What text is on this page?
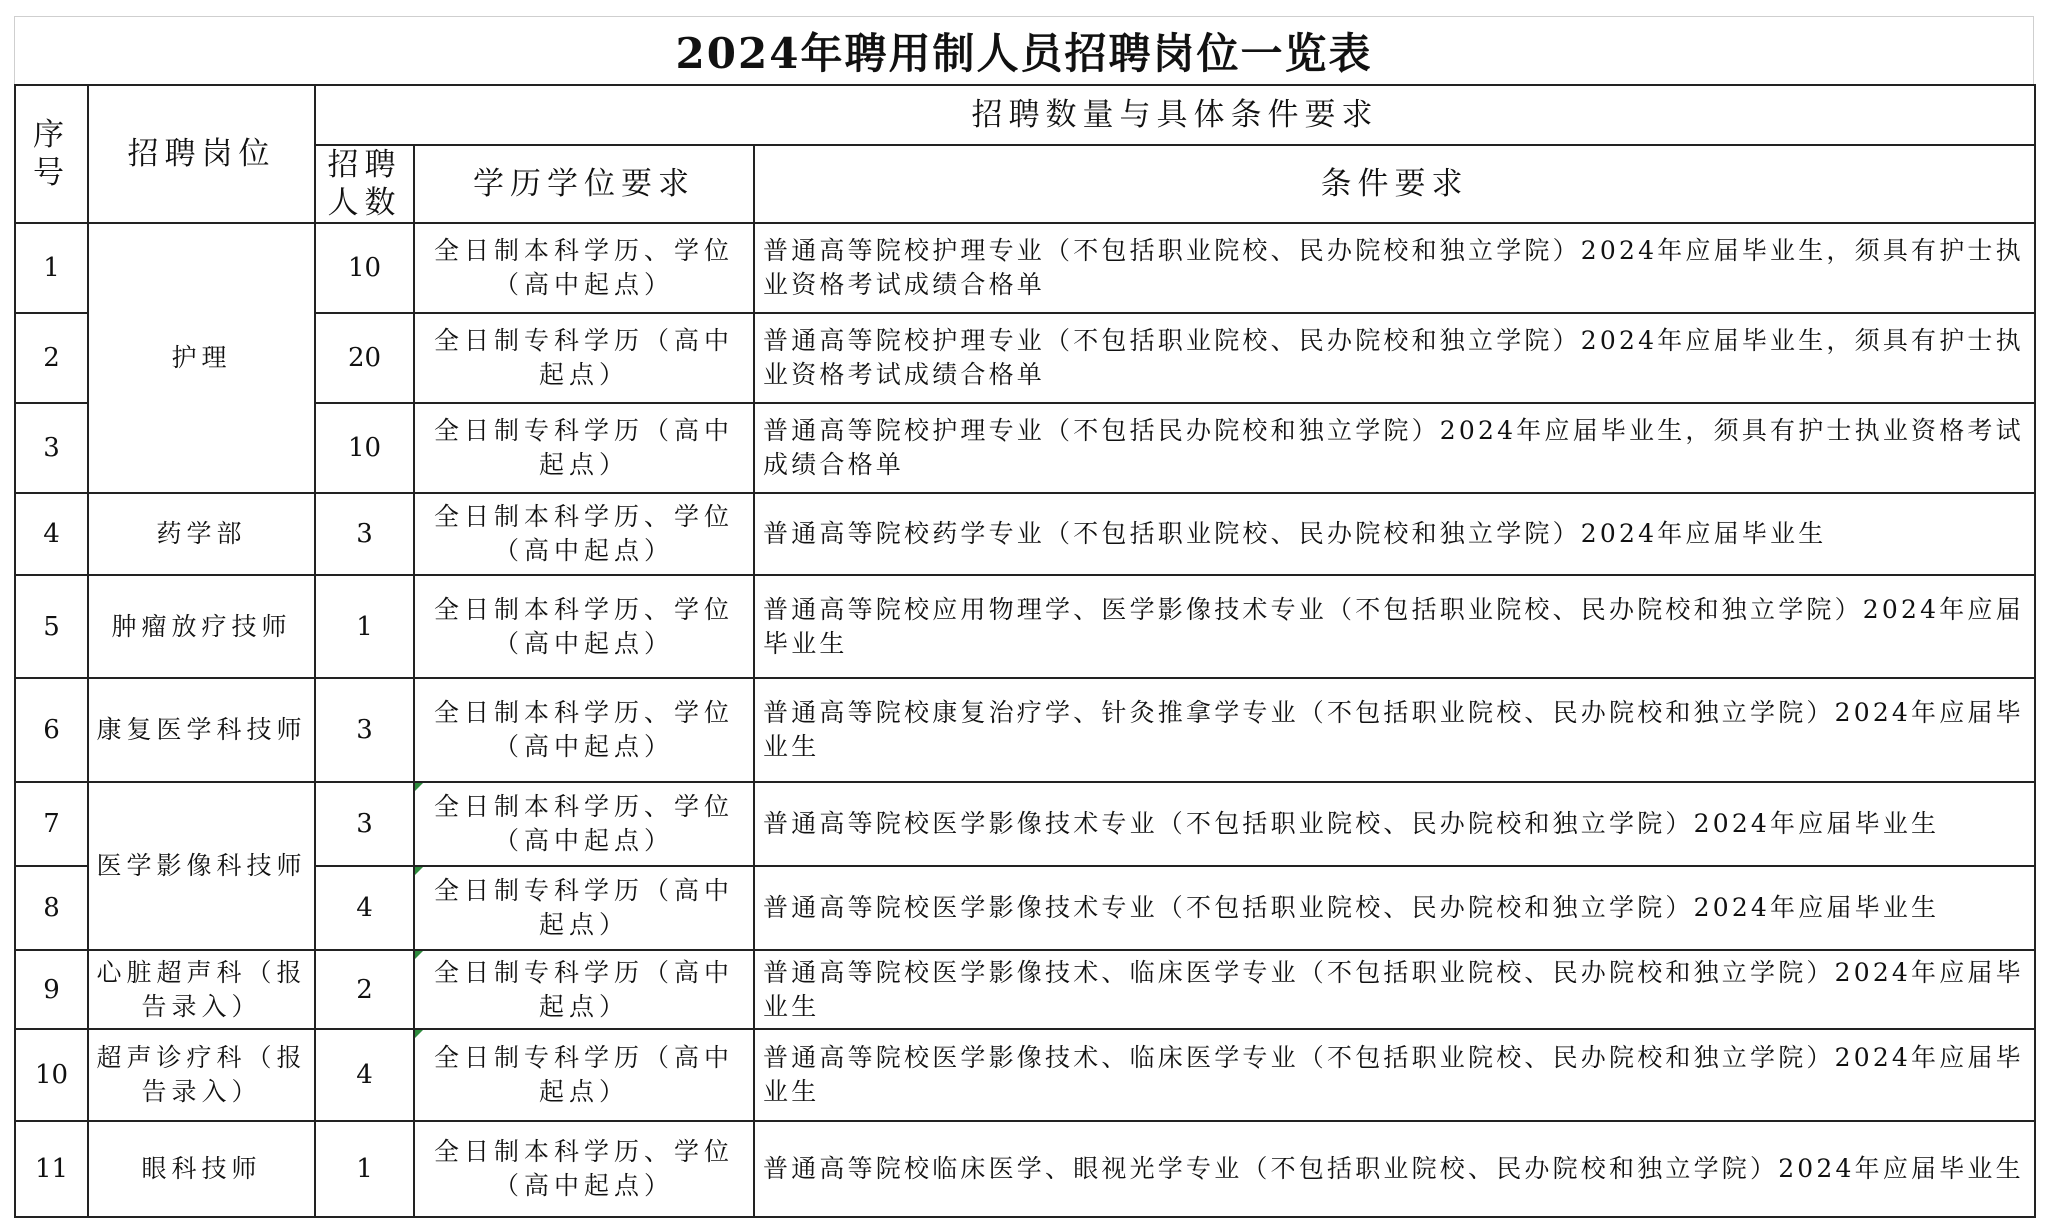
2024年聘用制人员招聘岗位一览表
序号	招聘岗位	招聘数量与具体条件要求		
		招聘人数	学历学位要求	条件要求
1	护理	10	全日制本科学历、学位（高中起点）	普通高等院校护理专业（不包括职业院校、民办院校和独立学院）2024年应届毕业生，须具有护士执业资格考试成绩合格单
2		20	全日制专科学历（高中起点）	普通高等院校护理专业（不包括职业院校、民办院校和独立学院）2024年应届毕业生，须具有护士执业资格考试成绩合格单
3		10	全日制专科学历（高中起点）	普通高等院校护理专业（不包括民办院校和独立学院）2024年应届毕业生，须具有护士执业资格考试成绩合格单
4	药学部	3	全日制本科学历、学位（高中起点）	普通高等院校药学专业（不包括职业院校、民办院校和独立学院）2024年应届毕业生
5	肿瘤放疗技师	1	全日制本科学历、学位（高中起点）	普通高等院校应用物理学、医学影像技术专业（不包括职业院校、民办院校和独立学院）2024年应届毕业生
6	康复医学科技师	3	全日制本科学历、学位（高中起点）	普通高等院校康复治疗学、针灸推拿学专业（不包括职业院校、民办院校和独立学院）2024年应届毕业生
7	医学影像科技师	3	全日制本科学历、学位（高中起点）	普通高等院校医学影像技术专业（不包括职业院校、民办院校和独立学院）2024年应届毕业生
8		4	全日制专科学历（高中起点）	普通高等院校医学影像技术专业（不包括职业院校、民办院校和独立学院）2024年应届毕业生
9	心脏超声科（报告录入）	2	全日制专科学历（高中起点）	普通高等院校医学影像技术、临床医学专业（不包括职业院校、民办院校和独立学院）2024年应届毕业生
10	超声诊疗科（报告录入）	4	全日制专科学历（高中起点）	普通高等院校医学影像技术、临床医学专业（不包括职业院校、民办院校和独立学院）2024年应届毕业生
11	眼科技师	1	全日制本科学历、学位（高中起点）	普通高等院校临床医学、眼视光学专业（不包括职业院校、民办院校和独立学院）2024年应届毕业生
